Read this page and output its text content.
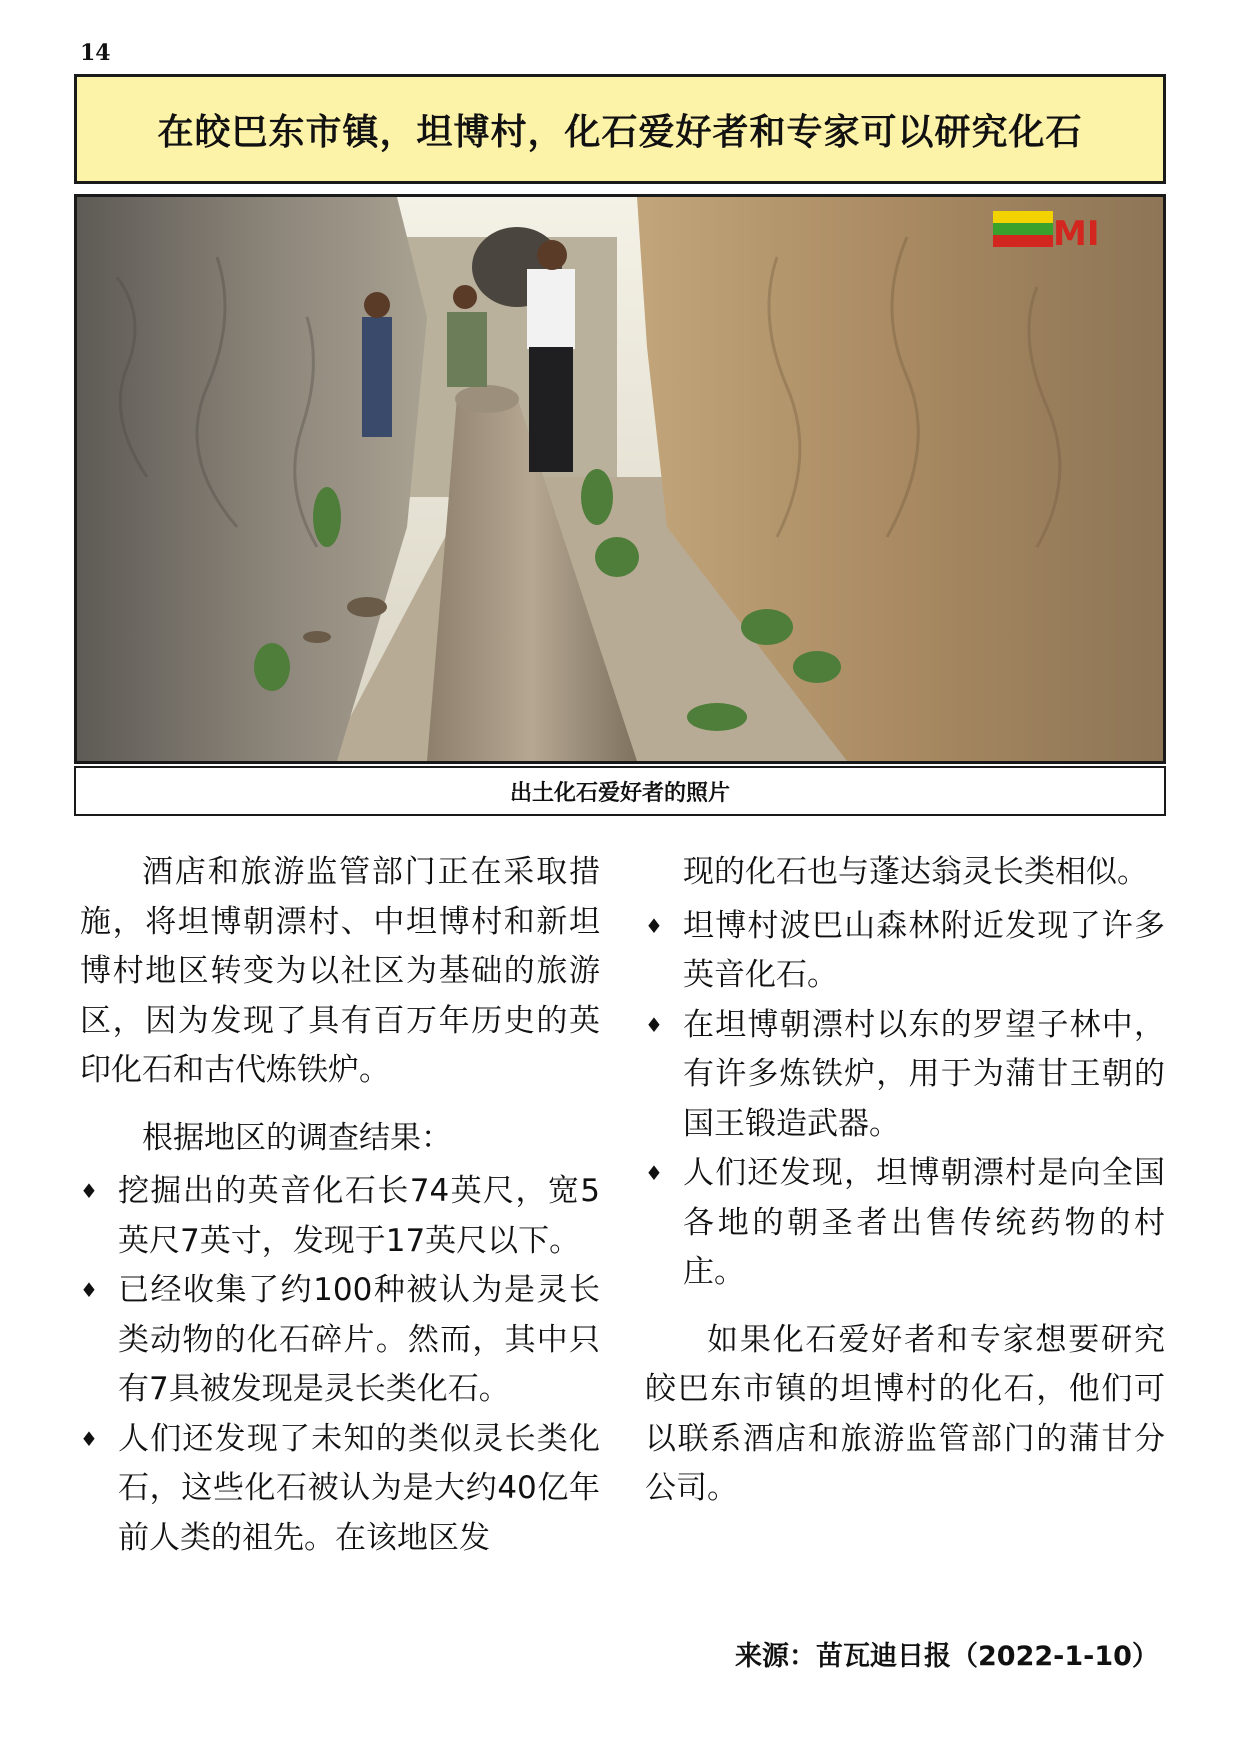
14
在皎巴东市镇，坦博村，化石爱好者和专家可以研究化石
MI
出土化石爱好者的照片

酒店和旅游监管部门正在采取措施，将坦博朝漂村、中坦博村和新坦博村地区转变为以社区为基础的旅游区，因为发现了具有百万年历史的英印化石和古代炼铁炉。

根据地区的调查结果：

♦ 挖掘出的英音化石长74英尺，宽5英尺7英寸，发现于17英尺以下。
♦ 已经收集了约100种被认为是灵长类动物的化石碎片。然而，其中只有7具被发现是灵长类化石。
♦ 人们还发现了未知的类似灵长类化石，这些化石被认为是大约40亿年前人类的祖先。在该地区发

现的化石也与蓬达翁灵长类相似。

♦ 坦博村波巴山森林附近发现了许多英音化石。
♦ 在坦博朝漂村以东的罗望子林中，有许多炼铁炉，用于为蒲甘王朝的国王锻造武器。
♦ 人们还发现，坦博朝漂村是向全国各地的朝圣者出售传统药物的村庄。

如果化石爱好者和专家想要研究皎巴东市镇的坦博村的化石，他们可以联系酒店和旅游监管部门的蒲甘分公司。

来源：苗瓦迪日报（2022-1-10）
